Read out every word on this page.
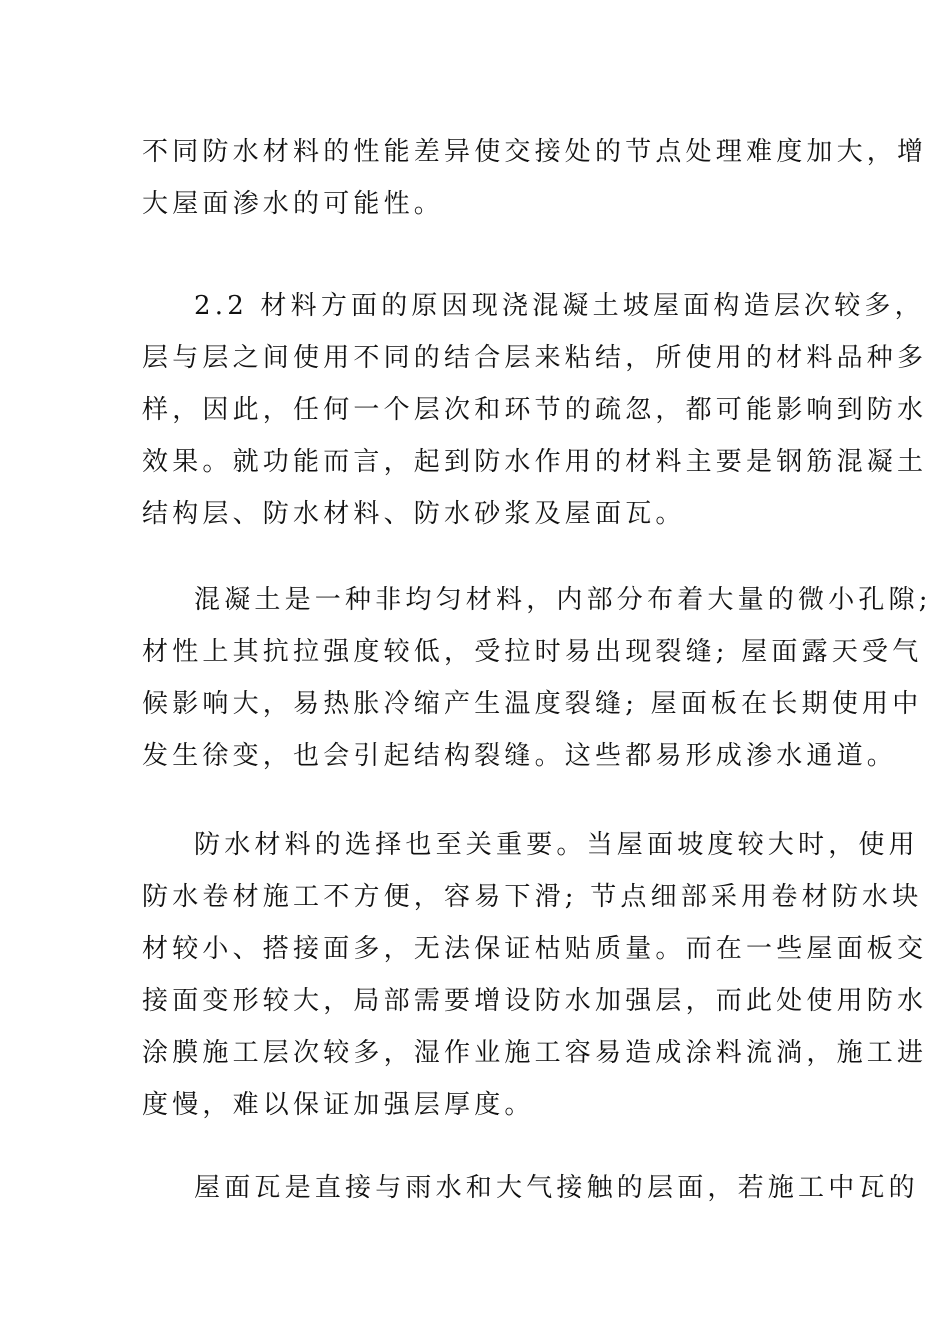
不同防水材料的性能差异使交接处的节点处理难度加大，增
大屋面渗水的可能性。

2.2 材料方面的原因现浇混凝土坡屋面构造层次较多，
层与层之间使用不同的结合层来粘结，所使用的材料品种多
样，因此，任何一个层次和环节的疏忽，都可能影响到防水
效果。就功能而言，起到防水作用的材料主要是钢筋混凝土
结构层、防水材料、防水砂浆及屋面瓦。

混凝土是一种非均匀材料，内部分布着大量的微小孔隙;
材性上其抗拉强度较低，受拉时易出现裂缝; 屋面露天受气
候影响大，易热胀冷缩产生温度裂缝; 屋面板在长期使用中
发生徐变，也会引起结构裂缝。这些都易形成渗水通道。

防水材料的选择也至关重要。当屋面坡度较大时，使用
防水卷材施工不方便，容易下滑; 节点细部采用卷材防水块
材较小、搭接面多，无法保证枯贴质量。而在一些屋面板交
接面变形较大，局部需要增设防水加强层，而此处使用防水
涂膜施工层次较多，湿作业施工容易造成涂料流淌，施工进
度慢，难以保证加强层厚度。

屋面瓦是直接与雨水和大气接触的层面，若施工中瓦的
